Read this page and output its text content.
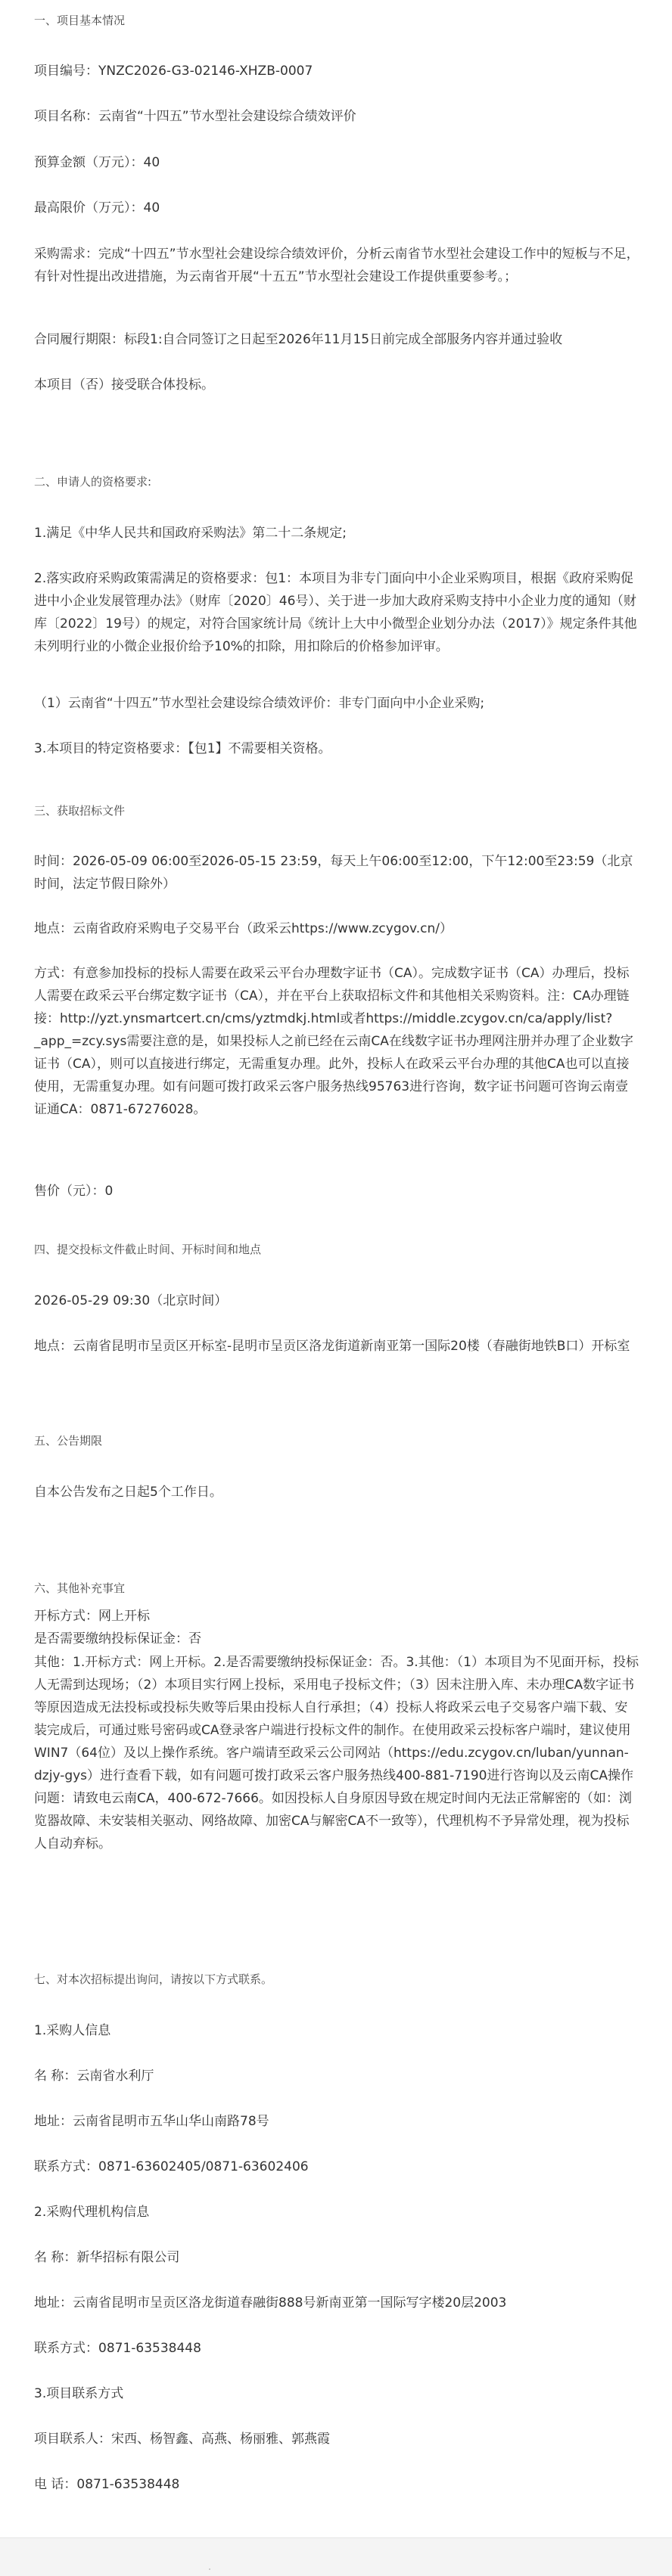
一、项目基本情况

项目编号：YNZC2026-G3-02146-XHZB-0007

项目名称：云南省“十四五”节水型社会建设综合绩效评价

预算金额（万元）：40

最高限价（万元）：40

采购需求：完成“十四五”节水型社会建设综合绩效评价，分析云南省节水型社会建设工作中的短板与不足，有针对性提出改进措施，为云南省开展“十五五”节水型社会建设工作提供重要参考。；

合同履行期限：标段1:自合同签订之日起至2026年11月15日前完成全部服务内容并通过验收

本项目（否）接受联合体投标。

二、申请人的资格要求:

1.满足《中华人民共和国政府采购法》第二十二条规定;

2.落实政府采购政策需满足的资格要求：包1：本项目为非专门面向中小企业采购项目，根据《政府采购促进中小企业发展管理办法》（财库〔2020〕46号）、关于进一步加大政府采购支持中小企业力度的通知（财库〔2022〕19号）的规定，对符合国家统计局《统计上大中小微型企业划分办法（2017）》规定条件其他未列明行业的小微企业报价给予10%的扣除，用扣除后的价格参加评审。

（1）云南省“十四五”节水型社会建设综合绩效评价：非专门面向中小企业采购;

3.本项目的特定资格要求：【包1】不需要相关资格。

三、获取招标文件

时间：2026-05-09 06:00至2026-05-15 23:59，每天上午06:00至12:00，下午12:00至23:59（北京时间，法定节假日除外）

地点：云南省政府采购电子交易平台（政采云https://www.zcygov.cn/）

方式：有意参加投标的投标人需要在政采云平台办理数字证书（CA）。完成数字证书（CA）办理后，投标人需要在政采云平台绑定数字证书（CA），并在平台上获取招标文件和其他相关采购资料。注：CA办理链接：http://yzt.ynsmartcert.cn/cms/yztmdkj.html或者https://middle.zcygov.cn/ca/apply/list?_app_=zcy.sys需要注意的是，如果投标人之前已经在云南CA在线数字证书办理网注册并办理了企业数字证书（CA），则可以直接进行绑定，无需重复办理。此外，投标人在政采云平台办理的其他CA也可以直接使用，无需重复办理。如有问题可拨打政采云客户服务热线95763进行咨询，数字证书问题可咨询云南壹证通CA：0871-67276028。

售价（元）：0

四、提交投标文件截止时间、开标时间和地点

2026-05-29 09:30（北京时间）

地点：云南省昆明市呈贡区开标室-昆明市呈贡区洛龙街道新南亚第一国际20楼（春融街地铁B口）开标室

五、公告期限

自本公告发布之日起5个工作日。

六、其他补充事宜

开标方式：网上开标

是否需要缴纳投标保证金：否

其他：1.开标方式：网上开标。2.是否需要缴纳投标保证金：否。3.其他：（1）本项目为不见面开标，投标人无需到达现场；（2）本项目实行网上投标，采用电子投标文件；（3）因未注册入库、未办理CA数字证书等原因造成无法投标或投标失败等后果由投标人自行承担；（4）投标人将政采云电子交易客户端下载、安装完成后，可通过账号密码或CA登录客户端进行投标文件的制作。在使用政采云投标客户端时，建议使用WIN7（64位）及以上操作系统。客户端请至政采云公司网站（https://edu.zcygov.cn/luban/yunnan-dzjy-gys）进行查看下载，如有问题可拨打政采云客户服务热线400-881-7190进行咨询以及云南CA操作问题：请致电云南CA，400-672-7666。如因投标人自身原因导致在规定时间内无法正常解密的（如：浏览器故障、未安装相关驱动、网络故障、加密CA与解密CA不一致等），代理机构不予异常处理，视为投标人自动弃标。

七、对本次招标提出询问，请按以下方式联系。

1.采购人信息

名 称：云南省水利厅

地址：云南省昆明市五华山华山南路78号

联系方式：0871-63602405/0871-63602406

2.采购代理机构信息

名 称：新华招标有限公司

地址：云南省昆明市呈贡区洛龙街道春融街888号新南亚第一国际写字楼20层2003

联系方式：0871-63538448

3.项目联系方式

项目联系人：宋西、杨智鑫、高燕、杨丽雅、郭燕霞

电 话：0871-63538448
